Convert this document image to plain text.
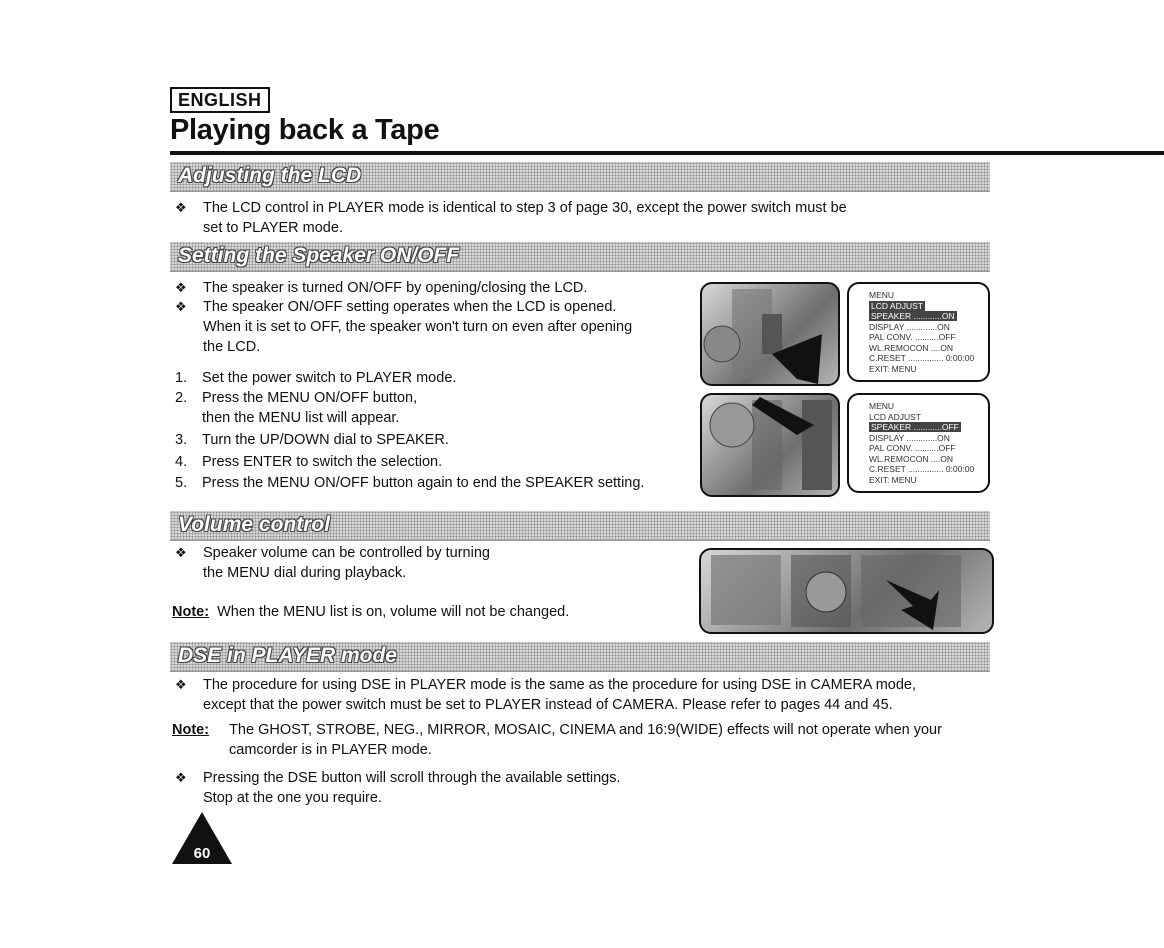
ENGLISH
Playing back a Tape
Adjusting the LCD
❖ The LCD control in PLAYER mode is identical to step 3 of page 30, except the power switch must be
set to PLAYER mode.
Setting the Speaker ON/OFF
❖ The speaker is turned ON/OFF by opening/closing the LCD.
❖ The speaker ON/OFF setting operates when the LCD is opened.
When it is set to OFF, the speaker won't turn on even after opening
the LCD.
1. Set the power switch to PLAYER mode.
2. Press the MENU ON/OFF button,
then the MENU list will appear.
3. Turn the UP/DOWN dial to SPEAKER.
4. Press ENTER to switch the selection.
5. Press the MENU ON/OFF button again to end the SPEAKER setting.
MENU
LCD ADJUST
SPEAKER ............ON
DISPLAY .............ON
PAL CONV. ..........OFF
WL.REMOCON ....ON
C.RESET ............... 0:00:00
EXIT: MENU
MENU
LCD ADJUST
SPEAKER ............OFF
DISPLAY .............ON
PAL CONV. ..........OFF
WL.REMOCON ....ON
C.RESET ............... 0:00:00
EXIT: MENU
Volume control
❖ Speaker volume can be controlled by turning
the MENU dial during playback.
Note: When the MENU list is on, volume will not be changed.
DSE in PLAYER mode
❖ The procedure for using DSE in PLAYER mode is the same as the procedure for using DSE in CAMERA mode,
except that the power switch must be set to PLAYER instead of CAMERA. Please refer to pages 44 and 45.
Note: The GHOST, STROBE, NEG., MIRROR, MOSAIC, CINEMA and 16:9(WIDE) effects will not operate when your
camcorder is in PLAYER mode.
❖ Pressing the DSE button will scroll through the available settings.
Stop at the one you require.
60
